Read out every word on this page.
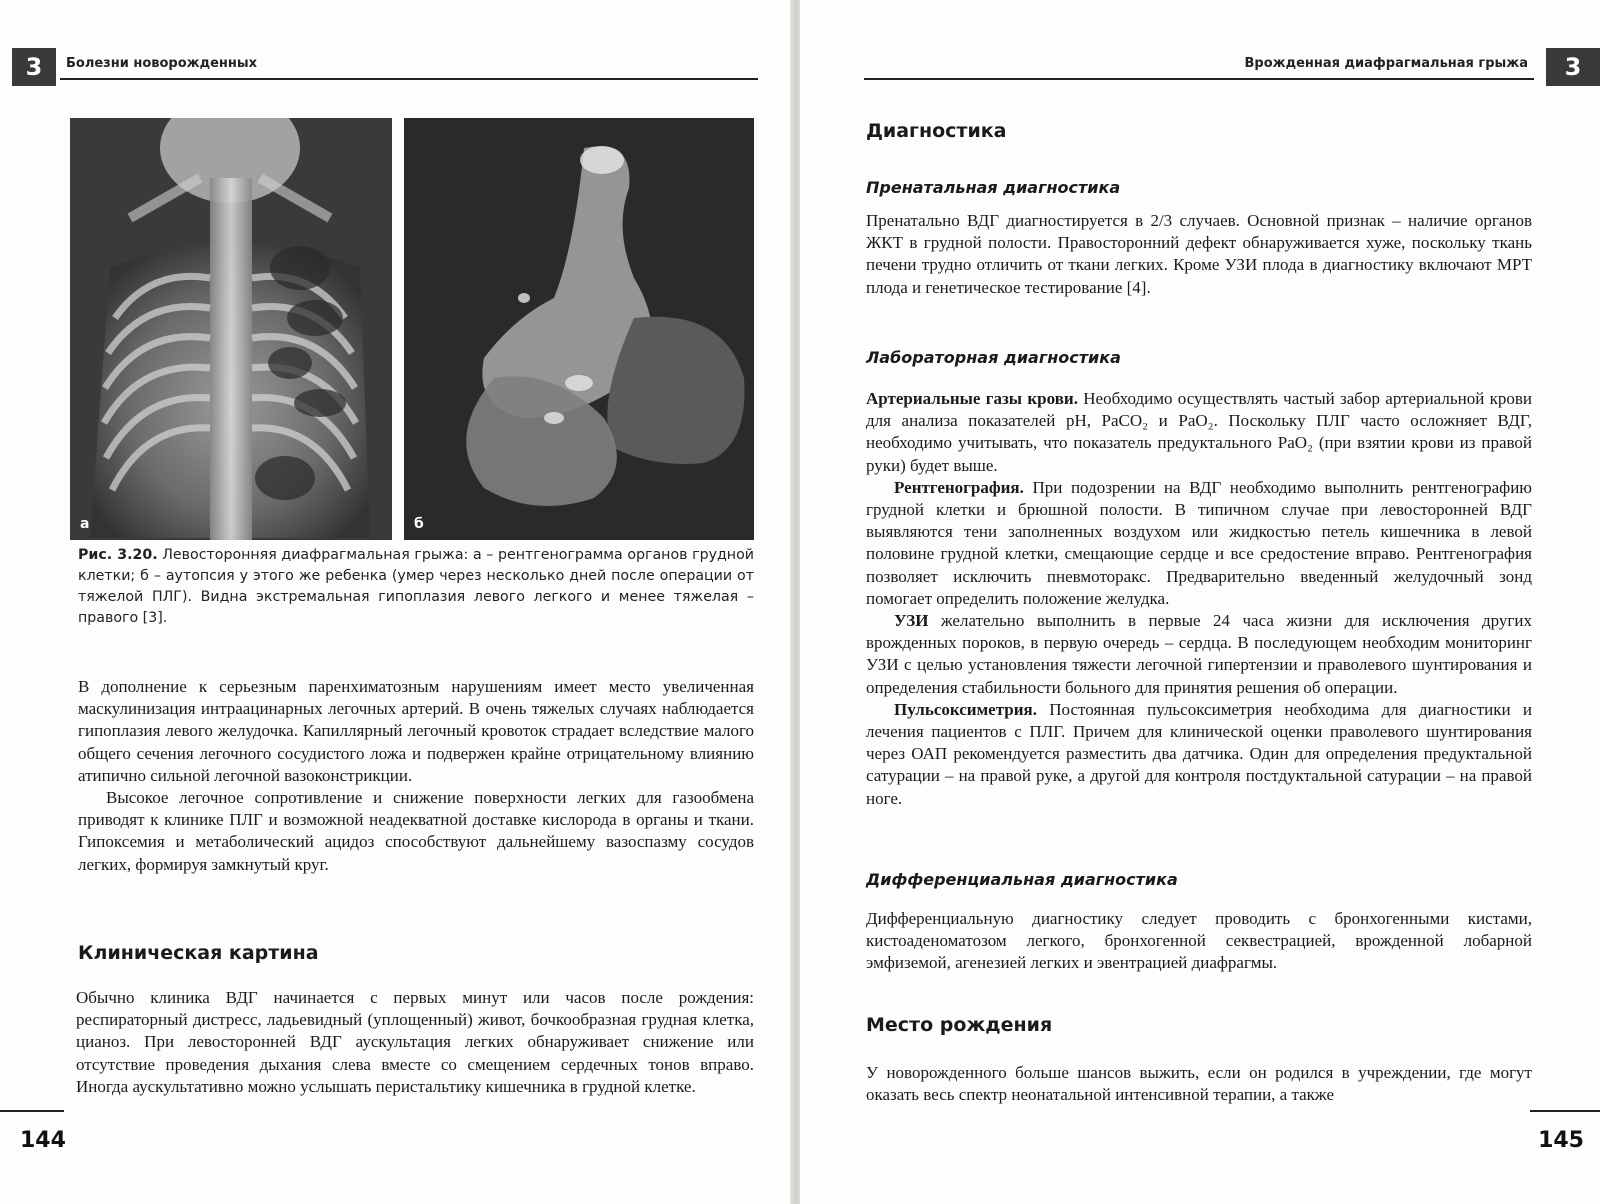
3	Болезни новорожденных
а	б
Рис. 3.20. Левосторонняя диафрагмальная грыжа: а – рентгенограмма органов грудной клетки; б – аутопсия у этого же ребенка (умер через несколько дней после операции от тяжелой ПЛГ). Видна экстремальная гипоплазия левого легкого и менее тяжелая – правого [3].

В дополнение к серьезным паренхиматозным нарушениям имеет место увеличенная маскулинизация интраацинарных легочных артерий. В очень тяжелых случаях наблюдается гипоплазия левого желудочка. Капиллярный легочный кровоток страдает вследствие малого общего сечения легочного сосудистого ложа и подвержен крайне отрицательному влиянию атипично сильной легочной вазоконстрикции.

Высокое легочное сопротивление и снижение поверхности легких для газообмена приводят к клинике ПЛГ и возможной неадекватной доставке кислорода в органы и ткани. Гипоксемия и метаболический ацидоз способствуют дальнейшему вазоспазму сосудов легких, формируя замкнутый круг.

Клиническая картина

Обычно клиника ВДГ начинается с первых минут или часов после рождения: респираторный дистресс, ладьевидный (уплощенный) живот, бочкообразная грудная клетка, цианоз. При левосторонней ВДГ аускультация легких обнаруживает снижение или отсутствие проведения дыхания слева вместе со смещением сердечных тонов вправо. Иногда аускультативно можно услышать перистальтику кишечника в грудной клетке.

144
3
Врожденная диафрагмальная грыжа
Диагностика
Пренатальная диагностика

Пренатально ВДГ диагностируется в 2/3 случаев. Основной признак – наличие органов ЖКТ в грудной полости. Правосторонний дефект обнаруживается хуже, поскольку ткань печени трудно отличить от ткани легких. Кроме УЗИ плода в диагностику включают МРТ плода и генетическое тестирование [4].

Лабораторная диагностика

Артериальные газы крови. Необходимо осуществлять частый забор артериальной крови для анализа показателей pH, PaCO₂ и PaO₂. Поскольку ПЛГ часто осложняет ВДГ, необходимо учитывать, что показатель предуктального PaO₂ (при взятии крови из правой руки) будет выше.

Рентгенография. При подозрении на ВДГ необходимо выполнить рентгенографию грудной клетки и брюшной полости. В типичном случае при левосторонней ВДГ выявляются тени заполненных воздухом или жидкостью петель кишечника в левой половине грудной клетки, смещающие сердце и все средостение вправо. Рентгенография позволяет исключить пневмоторакс. Предварительно введенный желудочный зонд помогает определить положение желудка.

УЗИ желательно выполнить в первые 24 часа жизни для исключения других врожденных пороков, в первую очередь – сердца. В последующем необходим мониторинг УЗИ с целью установления тяжести легочной гипертензии и праволевого шунтирования и определения стабильности больного для принятия решения об операции.

Пульсоксиметрия. Постоянная пульсоксиметрия необходима для диагностики и лечения пациентов с ПЛГ. Причем для клинической оценки праволевого шунтирования через ОАП рекомендуется разместить два датчика. Один для определения предуктальной сатурации – на правой руке, а другой для контроля постдуктальной сатурации – на правой ноге.

Дифференциальная диагностика

Дифференциальную диагностику следует проводить с бронхогенными кистами, кистоаденоматозом легкого, бронхогенной секвестрацией, врожденной лобарной эмфиземой, агенезией легких и эвентрацией диафрагмы.

Место рождения

У новорожденного больше шансов выжить, если он родился в учреждении, где могут оказать весь спектр неонатальной интенсивной терапии, а также

145
